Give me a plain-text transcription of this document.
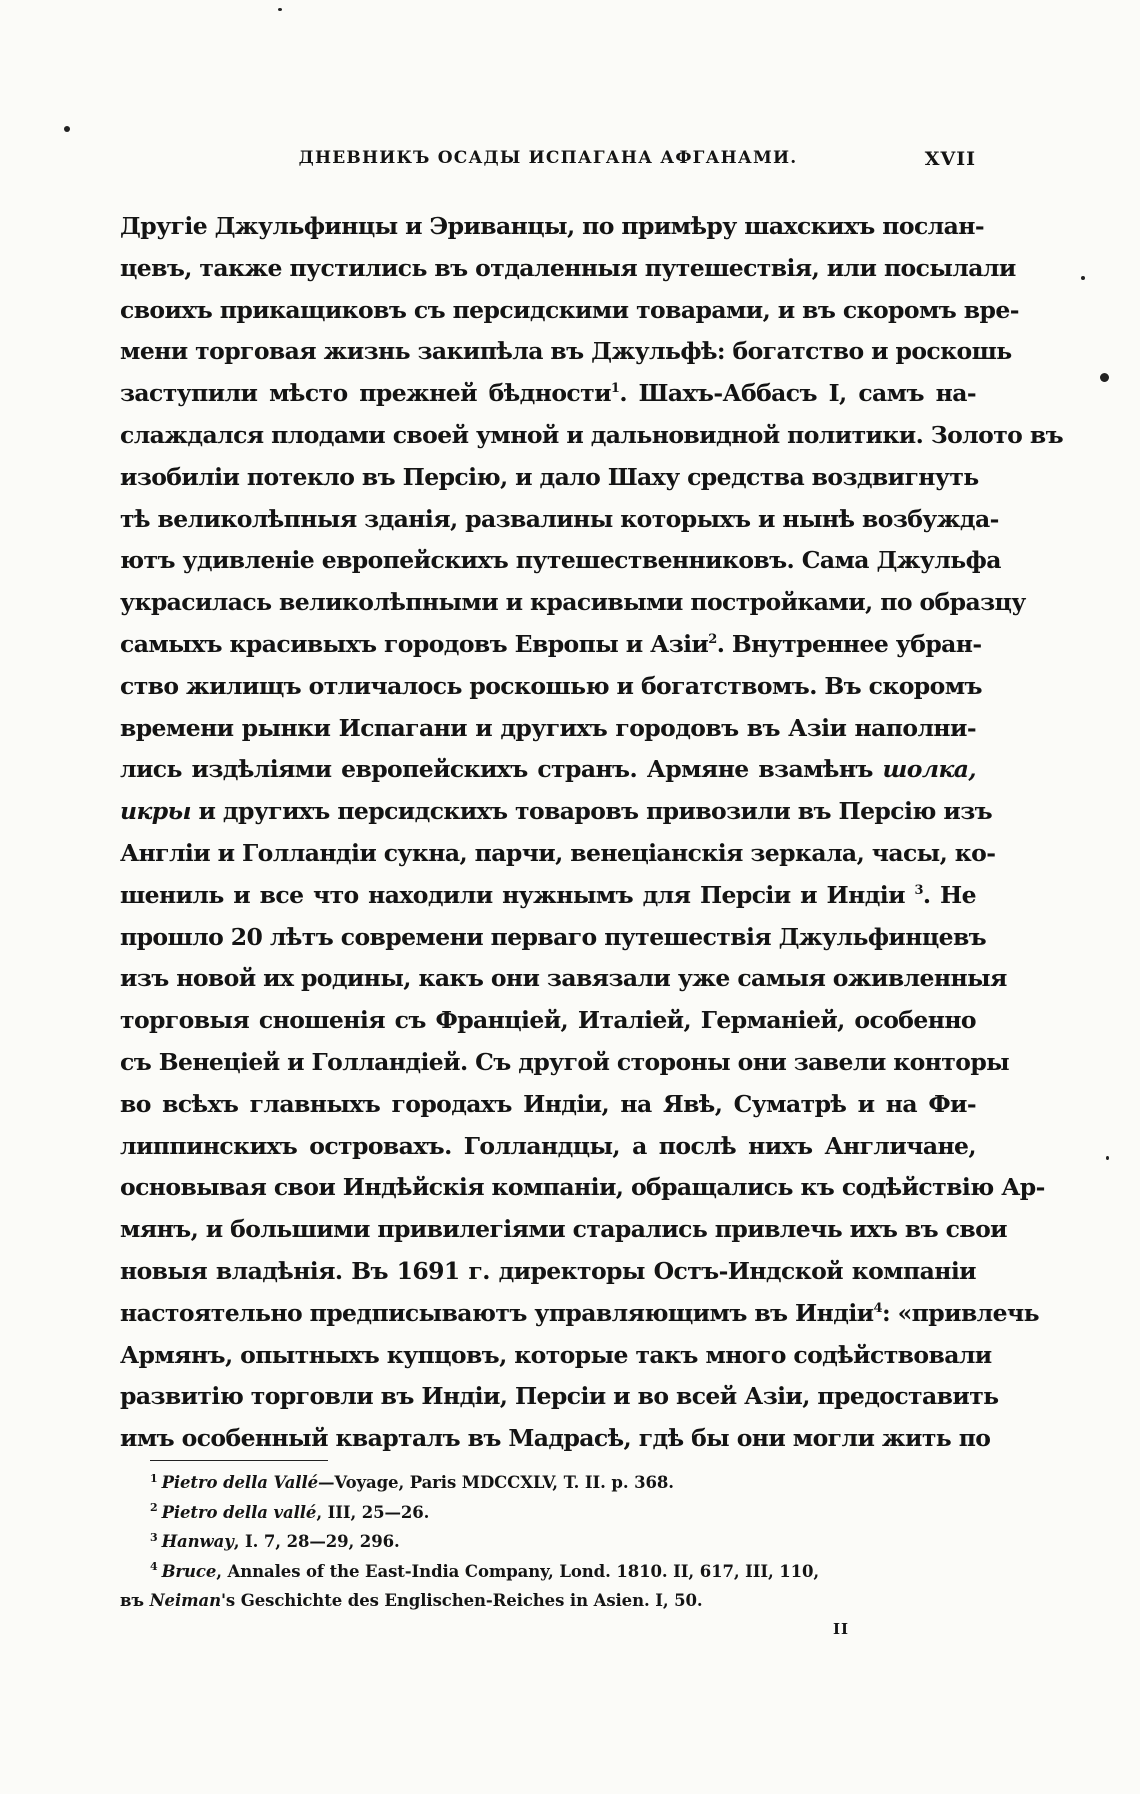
ДНЕВНИКЪ ОСАДЫ ИСПАГАНА АФГАНАМИ.	XVII
Другіе Джульфинцы и Эриванцы, по примѣру шахскихъ послан-
цевъ, также пустились въ отдаленныя путешествія, или посылали
своихъ прикащиковъ съ персидскими товарами, и въ скоромъ вре-
мени торговая жизнь закипѣла въ Джульфѣ: богатство и роскошь
заступили мѣсто прежней бѣдности$^1$. Шахъ-Аббасъ I, самъ на-
слаждался плодами своей умной и дальновидной политики. Золото въ
изобиліи потекло въ Персію, и дало Шаху средства воздвигнуть
тѣ великолѣпныя зданія, развалины которыхъ и нынѣ возбужда-
ютъ удивленіе европейскихъ путешественниковъ. Сама Джульфа
украсилась великолѣпными и красивыми постройками, по образцу
самыхъ красивыхъ городовъ Европы и Азіи$^2$. Внутреннее убран-
ство жилищъ отличалось роскошью и богатствомъ. Въ скоромъ
времени рынки Испагани и другихъ городовъ въ Азіи наполни-
лись издѣліями европейскихъ странъ. Армяне взамѣнъ шолка,
икры и другихъ персидскихъ товаровъ привозили въ Персію изъ
Англіи и Голландіи сукна, парчи, венеціанскія зеркала, часы, ко-
шениль и все что находили нужнымъ для Персіи и Индіи $^3$. Не
прошло 20 лѣтъ современи перваго путешествія Джульфинцевъ
изъ новой их родины, какъ они завязали уже самыя оживленныя
торговыя сношенія съ Франціей, Италіей, Германіей, особенно
съ Венеціей и Голландіей. Съ другой стороны они завели конторы
во всѣхъ главныхъ городахъ Индіи, на Явѣ, Суматрѣ и на Фи-
липпинскихъ островахъ. Голландцы, а послѣ нихъ Англичане,
основывая свои Индѣйскія компаніи, обращались къ содѣйствію Ар-
мянъ, и большими привилегіями старались привлечь ихъ въ свои
новыя владѣнія. Въ 1691 г. директоры Остъ-Индской компаніи
настоятельно предписываютъ управляющимъ въ Индіи$^4$: «привлечь
Армянъ, опытныхъ купцовъ, которые такъ много содѣйствовали
развитію торговли въ Индіи, Персіи и во всей Азіи, предоставить
имъ особенный кварталъ въ Мадрасѣ, гдѣ бы они могли жить по
$^1$ Pietro della Vallé—Voyage, Paris MDCCXLV, T. II. p. 368.
$^2$ Pietro della vallé, III, 25—26.
$^3$ Hanway, I. 7, 28—29, 296.
$^4$ Bruce, Annales of the East-India Company, Lond. 1810. II, 617, III, 110,
въ Neiman's Geschichte des Englischen-Reiches in Asien. I, 50.
II
